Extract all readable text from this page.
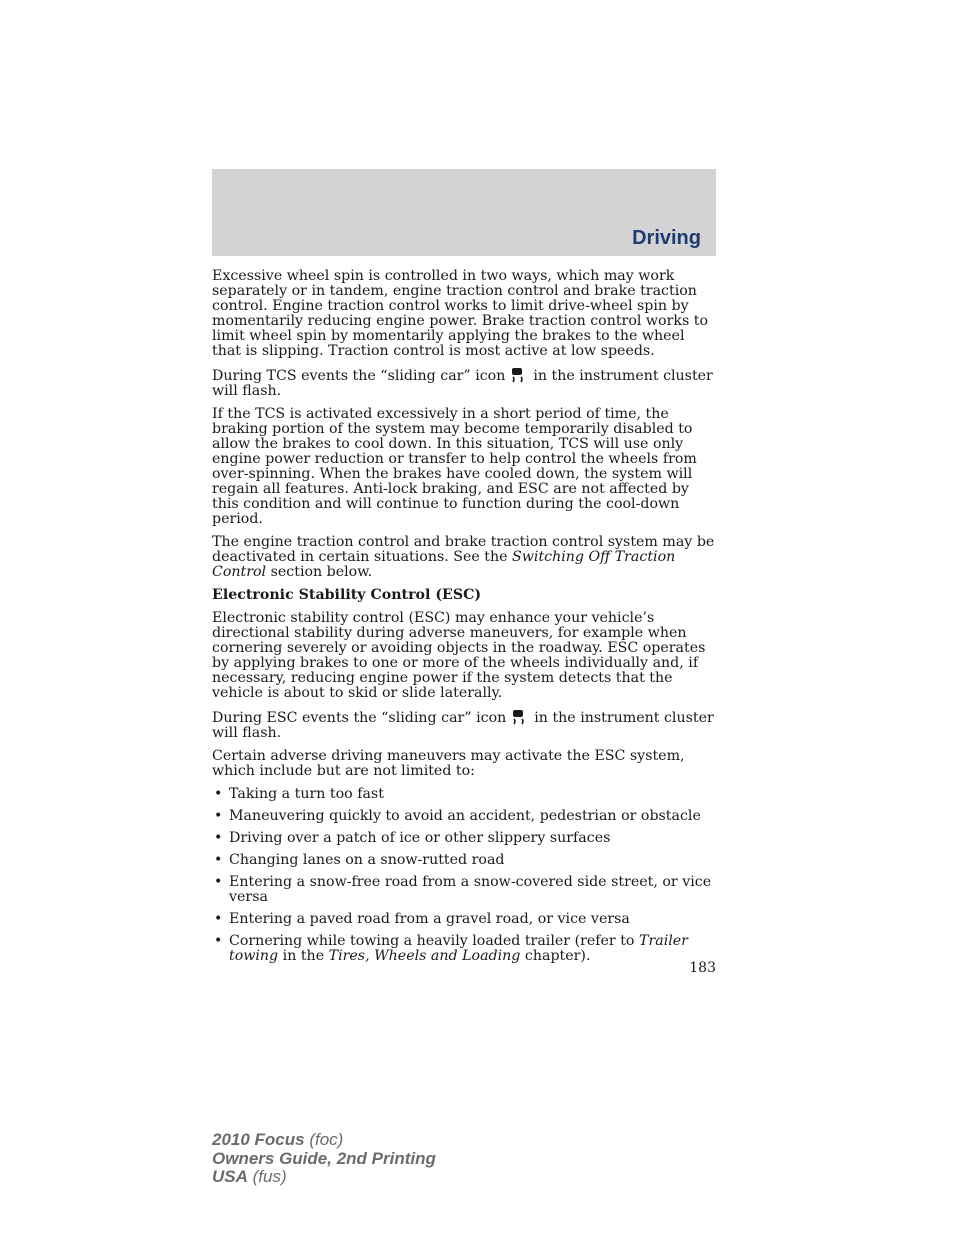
Driving

Excessive wheel spin is controlled in two ways, which may work separately or in tandem, engine traction control and brake traction control. Engine traction control works to limit drive-wheel spin by momentarily reducing engine power. Brake traction control works to limit wheel spin by momentarily applying the brakes to the wheel that is slipping. Traction control is most active at low speeds.

During TCS events the “sliding car” icon in the instrument cluster will flash.

If the TCS is activated excessively in a short period of time, the braking portion of the system may become temporarily disabled to allow the brakes to cool down. In this situation, TCS will use only engine power reduction or transfer to help control the wheels from over-spinning. When the brakes have cooled down, the system will regain all features. Anti-lock braking, and ESC are not affected by this condition and will continue to function during the cool-down period.

The engine traction control and brake traction control system may be deactivated in certain situations. See the Switching Off Traction Control section below.

Electronic Stability Control (ESC)

Electronic stability control (ESC) may enhance your vehicle’s directional stability during adverse maneuvers, for example when cornering severely or avoiding objects in the roadway. ESC operates by applying brakes to one or more of the wheels individually and, if necessary, reducing engine power if the system detects that the vehicle is about to skid or slide laterally.

During ESC events the “sliding car” icon in the instrument cluster will flash.

Certain adverse driving maneuvers may activate the ESC system, which include but are not limited to:

• Taking a turn too fast
• Maneuvering quickly to avoid an accident, pedestrian or obstacle
• Driving over a patch of ice or other slippery surfaces
• Changing lanes on a snow-rutted road
• Entering a snow-free road from a snow-covered side street, or vice versa
• Entering a paved road from a gravel road, or vice versa
• Cornering while towing a heavily loaded trailer (refer to Trailer towing in the Tires, Wheels and Loading chapter).
183
2010 Focus (foc)
Owners Guide, 2nd Printing
USA (fus)
